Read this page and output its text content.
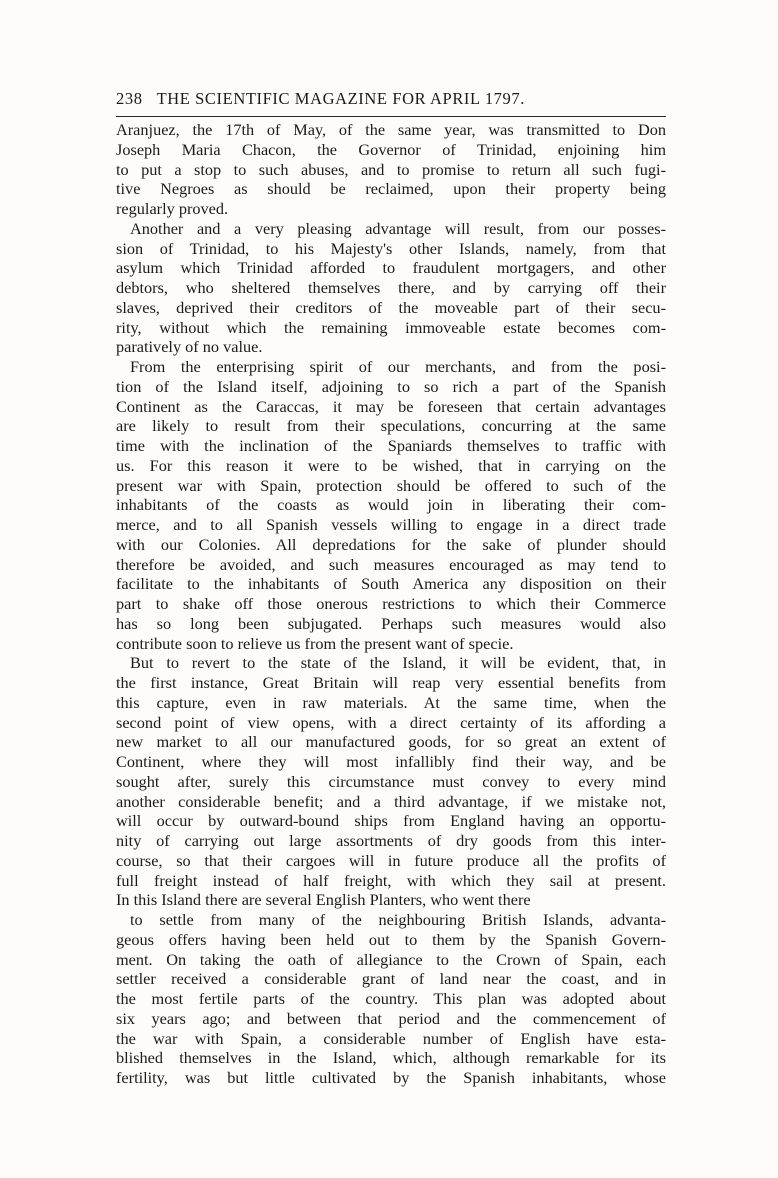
238 THE SCIENTIFIC MAGAZINE FOR APRIL 1797.
Aranjuez, the 17th of May, of the same year, was transmitted to Don
Joseph Maria Chacon, the Governor of Trinidad, enjoining him
to put a stop to such abuses, and to promise to return all such fugi-
tive Negroes as should be reclaimed, upon their property being
regularly proved.
Another and a very pleasing advantage will result, from our posses-
sion of Trinidad, to his Majesty's other Islands, namely, from that
asylum which Trinidad afforded to fraudulent mortgagers, and other
debtors, who sheltered themselves there, and by carrying off their
slaves, deprived their creditors of the moveable part of their secu-
rity, without which the remaining immoveable estate becomes com-
paratively of no value.
From the enterprising spirit of our merchants, and from the posi-
tion of the Island itself, adjoining to so rich a part of the Spanish
Continent as the Caraccas, it may be foreseen that certain advantages
are likely to result from their speculations, concurring at the same
time with the inclination of the Spaniards themselves to traffic with
us. For this reason it were to be wished, that in carrying on the
present war with Spain, protection should be offered to such of the
inhabitants of the coasts as would join in liberating their com-
merce, and to all Spanish vessels willing to engage in a direct trade
with our Colonies. All depredations for the sake of plunder should
therefore be avoided, and such measures encouraged as may tend to
facilitate to the inhabitants of South America any disposition on their
part to shake off those onerous restrictions to which their Commerce
has so long been subjugated. Perhaps such measures would also
contribute soon to relieve us from the present want of specie.
But to revert to the state of the Island, it will be evident, that, in
the first instance, Great Britain will reap very essential benefits from
this capture, even in raw materials. At the same time, when the
second point of view opens, with a direct certainty of its affording a
new market to all our manufactured goods, for so great an extent of
Continent, where they will most infallibly find their way, and be
sought after, surely this circumstance must convey to every mind
another considerable benefit; and a third advantage, if we mistake not,
will occur by outward-bound ships from England having an opportu-
nity of carrying out large assortments of dry goods from this inter-
course, so that their cargoes will in future produce all the profits of
full freight instead of half freight, with which they sail at present.
In this Island there are several English Planters, who went there
to settle from many of the neighbouring British Islands, advanta-
geous offers having been held out to them by the Spanish Govern-
ment. On taking the oath of allegiance to the Crown of Spain, each
settler received a considerable grant of land near the coast, and in
the most fertile parts of the country. This plan was adopted about
six years ago; and between that period and the commencement of
the war with Spain, a considerable number of English have esta-
blished themselves in the Island, which, although remarkable for its
fertility, was but little cultivated by the Spanish inhabitants, whose
